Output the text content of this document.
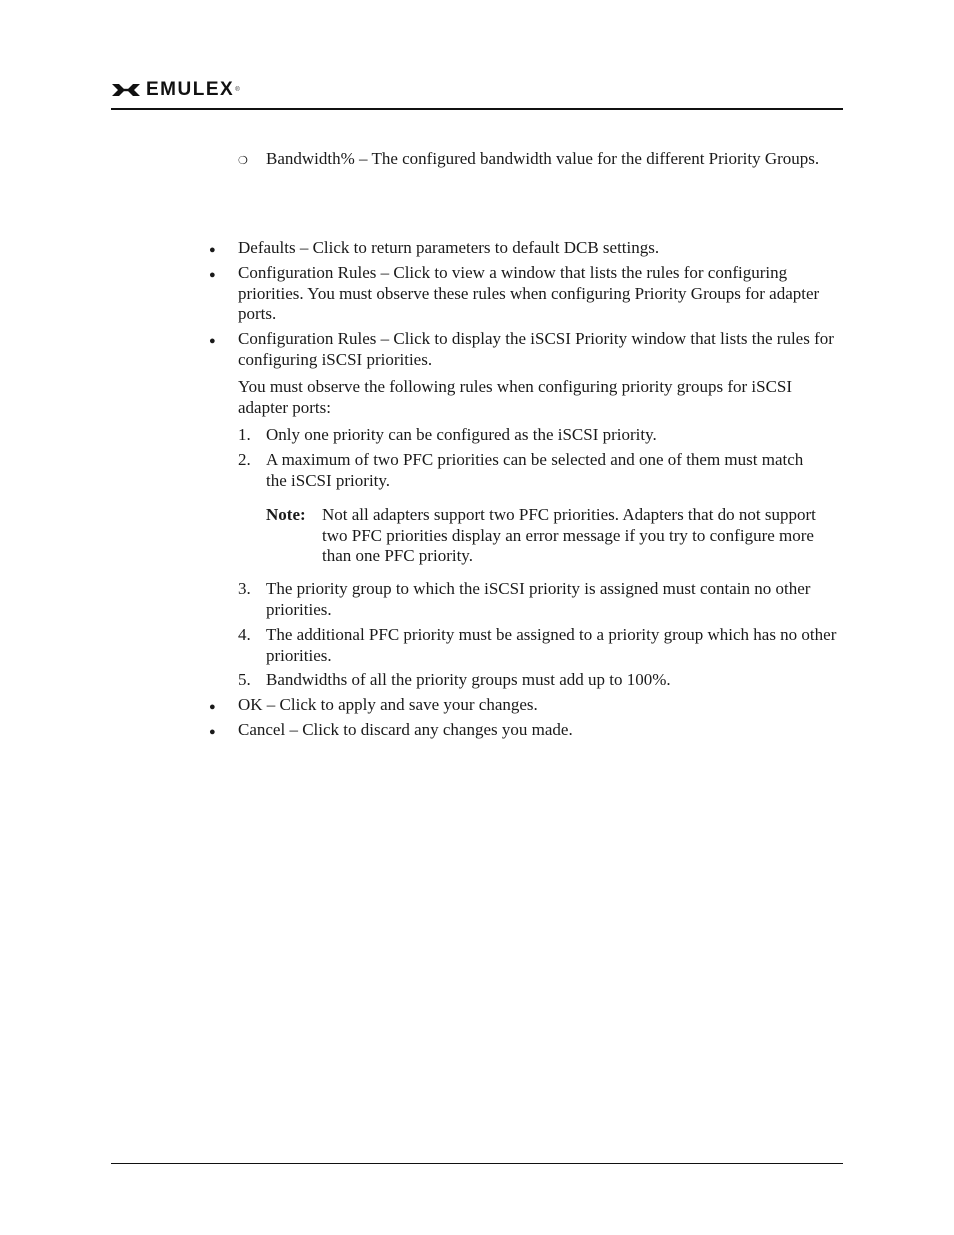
EMULEX ®
❍ Bandwidth% – The configured bandwidth value for the different Priority Groups.
● Defaults – Click to return parameters to default DCB settings.
● Configuration Rules – Click to view a window that lists the rules for configuring priorities. You must observe these rules when configuring Priority Groups for adapter ports.
● Configuration Rules – Click to display the iSCSI Priority window that lists the rules for configuring iSCSI priorities.
You must observe the following rules when configuring priority groups for iSCSI adapter ports:
1. Only one priority can be configured as the iSCSI priority.
2. A maximum of two PFC priorities can be selected and one of them must match the iSCSI priority.
Note: Not all adapters support two PFC priorities. Adapters that do not support two PFC priorities display an error message if you try to configure more than one PFC priority.
3. The priority group to which the iSCSI priority is assigned must contain no other priorities.
4. The additional PFC priority must be assigned to a priority group which has no other priorities.
5. Bandwidths of all the priority groups must add up to 100%.
● OK – Click to apply and save your changes.
● Cancel – Click to discard any changes you made.
